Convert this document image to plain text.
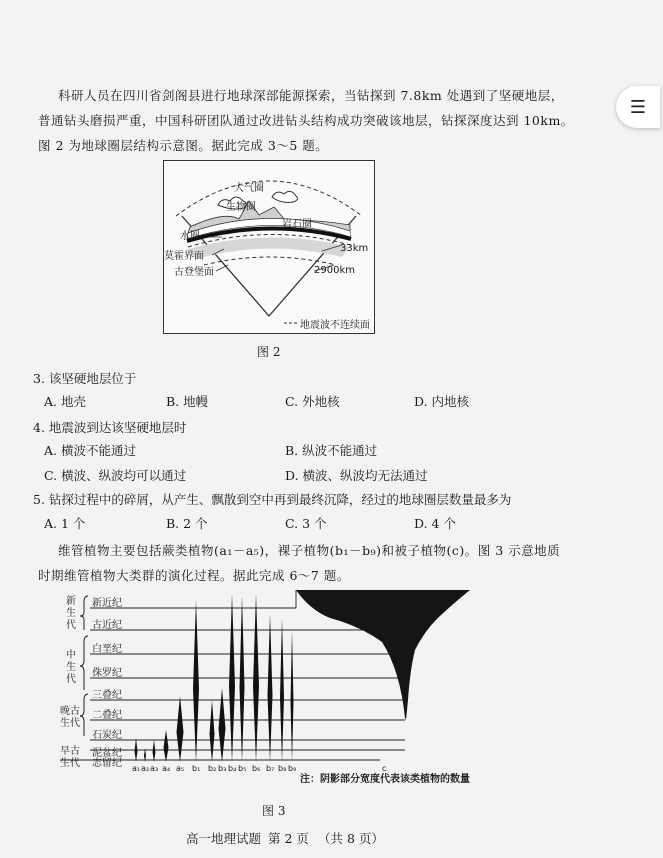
☰
科研人员在四川省剑阁县进行地球深部能源探索，当钻探到 7.8km 处遇到了坚硬地层，
普通钻头磨损严重，中国科研团队通过改进钻头结构成功突破该地层，钻探深度达到 10km。
图 2 为地球圈层结构示意图。据此完成 3～5 题。
大气圈
生物圈
岩石圈
水圈
莫霍界面
古登堡面
33km
2900km
地震波不连续面
图 2
3. 该坚硬地层位于
A. 地壳	B. 地幔	C. 外地核	D. 内地核
4. 地震波到达该坚硬地层时
A. 横波不能通过	B. 纵波不能通过
C. 横波、纵波均可以通过	D. 横波、纵波均无法通过
5. 钻探过程中的碎屑，从产生、飘散到空中再到最终沉降，经过的地球圈层数量最多为
A. 1 个	B. 2 个	C. 3 个	D. 4 个
维管植物主要包括蕨类植物(a₁－a₅)，裸子植物(b₁－b₉)和被子植物(c)。图 3 示意地质
时期维管植物大类群的演化过程。据此完成 6～7 题。
新生代
新近纪
古近纪
中生代
白垩纪
侏罗纪
三叠纪
晚古生代
二叠纪
石炭纪
泥盆纪
早古生代	志留纪 a₁ a₂ a₃ a₄ a₅ b₁ b₂ b₃ b₄ b₅ b₆ b₇ b₈ b₉	c
注：阴影部分宽度代表该类植物的数量
图 3
高一地理试题 第 2 页 （共 8 页）
